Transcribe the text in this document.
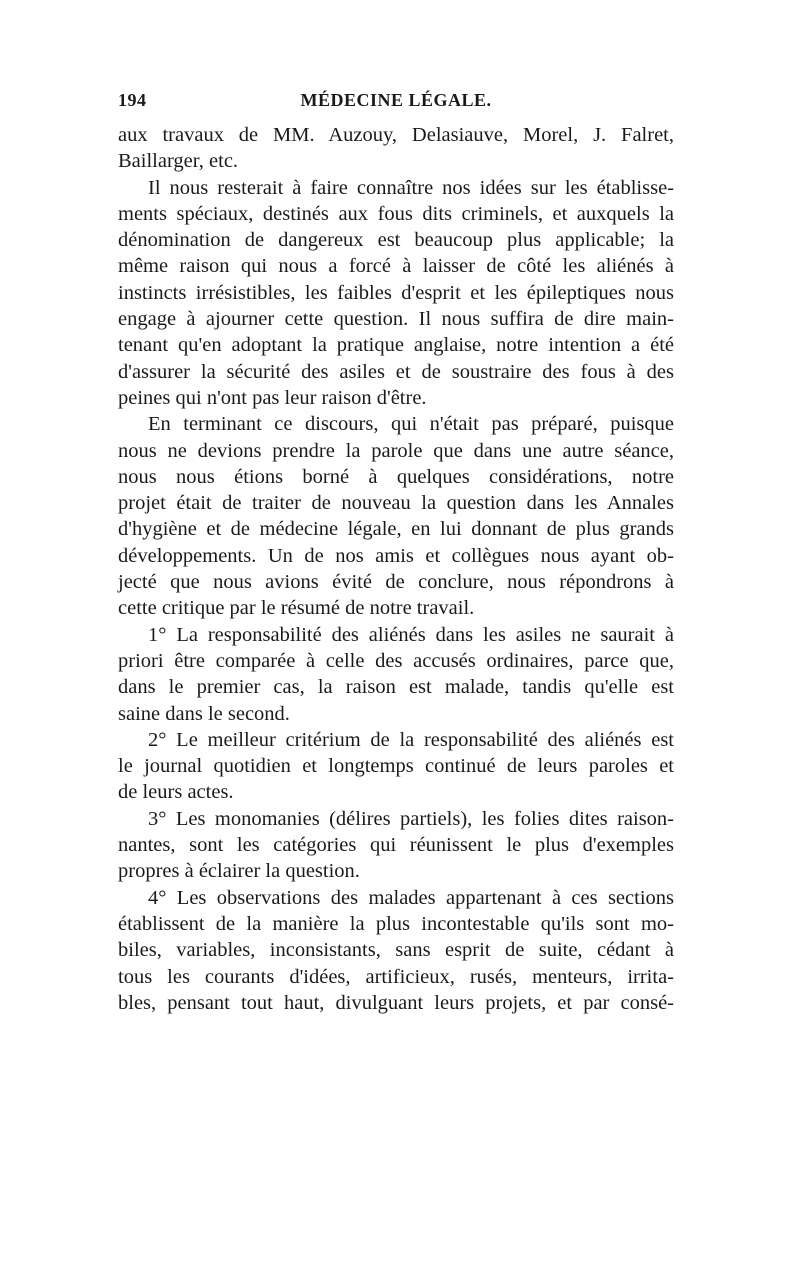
194	MÉDECINE LÉGALE.
aux travaux de MM. Auzouy, Delasiauve, Morel, J. Falret,
Baillarger, etc.
Il nous resterait à faire connaître nos idées sur les établisse-
ments spéciaux, destinés aux fous dits criminels, et auxquels la
dénomination de dangereux est beaucoup plus applicable; la
même raison qui nous a forcé à laisser de côté les aliénés à
instincts irrésistibles, les faibles d'esprit et les épileptiques nous
engage à ajourner cette question. Il nous suffira de dire main-
tenant qu'en adoptant la pratique anglaise, notre intention a été
d'assurer la sécurité des asiles et de soustraire des fous à des
peines qui n'ont pas leur raison d'être.
En terminant ce discours, qui n'était pas préparé, puisque
nous ne devions prendre la parole que dans une autre séance,
nous nous étions borné à quelques considérations, notre
projet était de traiter de nouveau la question dans les Annales
d'hygiène et de médecine légale, en lui donnant de plus grands
développements. Un de nos amis et collègues nous ayant ob-
jecté que nous avions évité de conclure, nous répondrons à
cette critique par le résumé de notre travail.
1° La responsabilité des aliénés dans les asiles ne saurait à
priori être comparée à celle des accusés ordinaires, parce que,
dans le premier cas, la raison est malade, tandis qu'elle est
saine dans le second.
2° Le meilleur critérium de la responsabilité des aliénés est
le journal quotidien et longtemps continué de leurs paroles et
de leurs actes.
3° Les monomanies (délires partiels), les folies dites raison-
nantes, sont les catégories qui réunissent le plus d'exemples
propres à éclairer la question.
4° Les observations des malades appartenant à ces sections
établissent de la manière la plus incontestable qu'ils sont mo-
biles, variables, inconsistants, sans esprit de suite, cédant à
tous les courants d'idées, artificieux, rusés, menteurs, irrita-
bles, pensant tout haut, divulguant leurs projets, et par consé-
